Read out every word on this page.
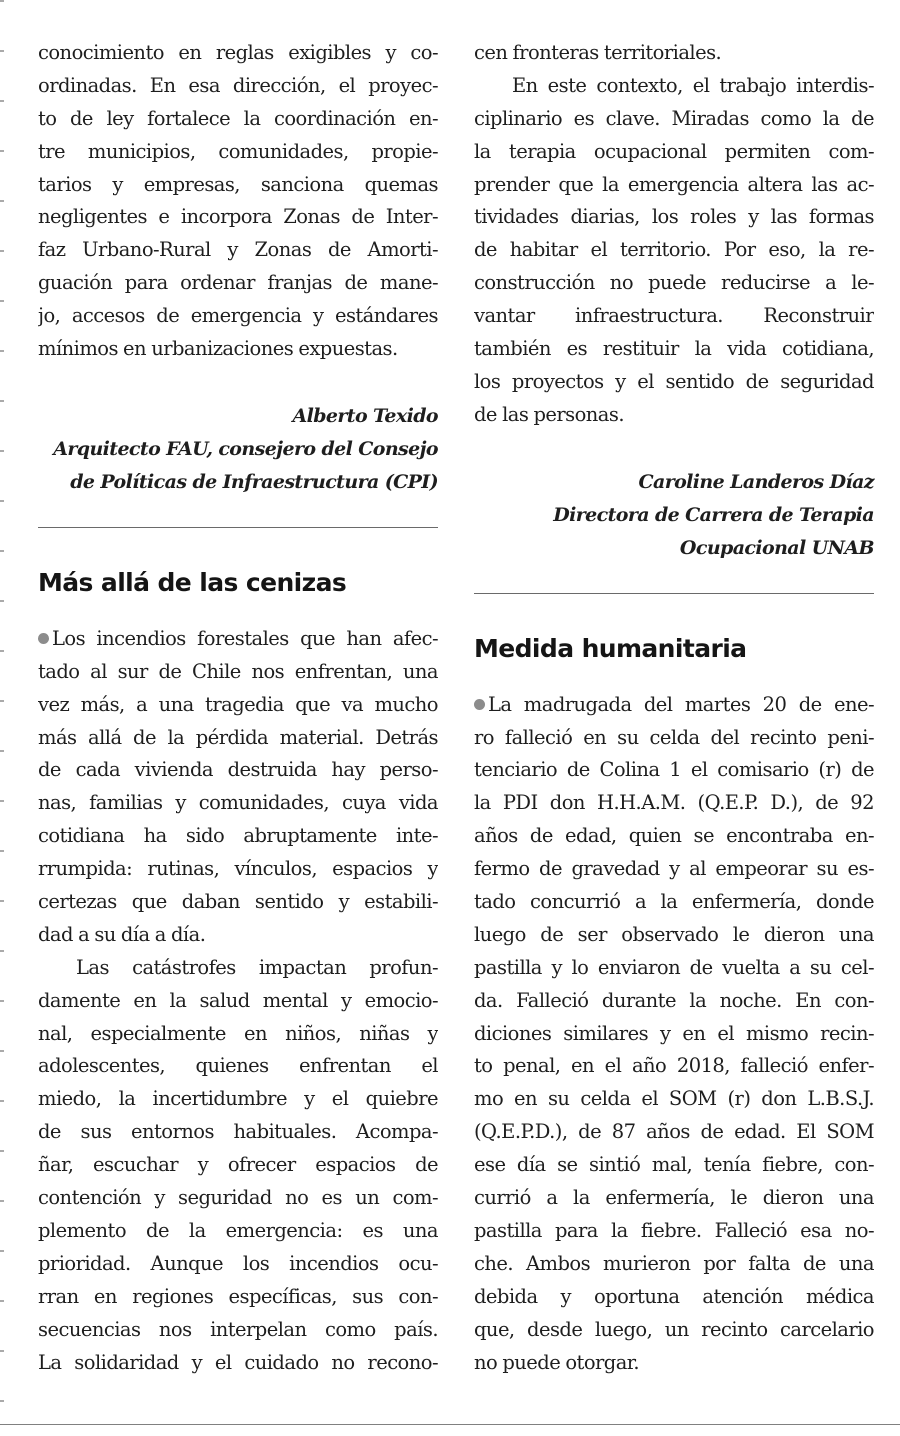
conocimiento en reglas exigibles y co-
ordinadas. En esa dirección, el proyec-
to de ley fortalece la coordinación en-
tre municipios, comunidades, propie-
tarios y empresas, sanciona quemas
negligentes e incorpora Zonas de Inter-
faz Urbano-Rural y Zonas de Amorti-
guación para ordenar franjas de mane-
jo, accesos de emergencia y estándares
mínimos en urbanizaciones expuestas.
Alberto Texido
Arquitecto FAU, consejero del Consejo
de Políticas de Infraestructura (CPI)
Más allá de las cenizas
Los incendios forestales que han afec-
tado al sur de Chile nos enfrentan, una
vez más, a una tragedia que va mucho
más allá de la pérdida material. Detrás
de cada vivienda destruida hay perso-
nas, familias y comunidades, cuya vida
cotidiana ha sido abruptamente inte-
rrumpida: rutinas, vínculos, espacios y
certezas que daban sentido y estabili-
dad a su día a día.
Las catástrofes impactan profun-
damente en la salud mental y emocio-
nal, especialmente en niños, niñas y
adolescentes, quienes enfrentan el
miedo, la incertidumbre y el quiebre
de sus entornos habituales. Acompa-
ñar, escuchar y ofrecer espacios de
contención y seguridad no es un com-
plemento de la emergencia: es una
prioridad. Aunque los incendios ocu-
rran en regiones específicas, sus con-
secuencias nos interpelan como país.
La solidaridad y el cuidado no recono-
cen fronteras territoriales.
En este contexto, el trabajo interdis-
ciplinario es clave. Miradas como la de
la terapia ocupacional permiten com-
prender que la emergencia altera las ac-
tividades diarias, los roles y las formas
de habitar el territorio. Por eso, la re-
construcción no puede reducirse a le-
vantar infraestructura. Reconstruir
también es restituir la vida cotidiana,
los proyectos y el sentido de seguridad
de las personas.
Caroline Landeros Díaz
Directora de Carrera de Terapia
Ocupacional UNAB
Medida humanitaria
La madrugada del martes 20 de ene-
ro falleció en su celda del recinto peni-
tenciario de Colina 1 el comisario (r) de
la PDI don H.H.A.M. (Q.E.P. D.), de 92
años de edad, quien se encontraba en-
fermo de gravedad y al empeorar su es-
tado concurrió a la enfermería, donde
luego de ser observado le dieron una
pastilla y lo enviaron de vuelta a su cel-
da. Falleció durante la noche. En con-
diciones similares y en el mismo recin-
to penal, en el año 2018, falleció enfer-
mo en su celda el SOM (r) don L.B.S.J.
(Q.E.P.D.), de 87 años de edad. El SOM
ese día se sintió mal, tenía fiebre, con-
currió a la enfermería, le dieron una
pastilla para la fiebre. Falleció esa no-
che. Ambos murieron por falta de una
debida y oportuna atención médica
que, desde luego, un recinto carcelario
no puede otorgar.
